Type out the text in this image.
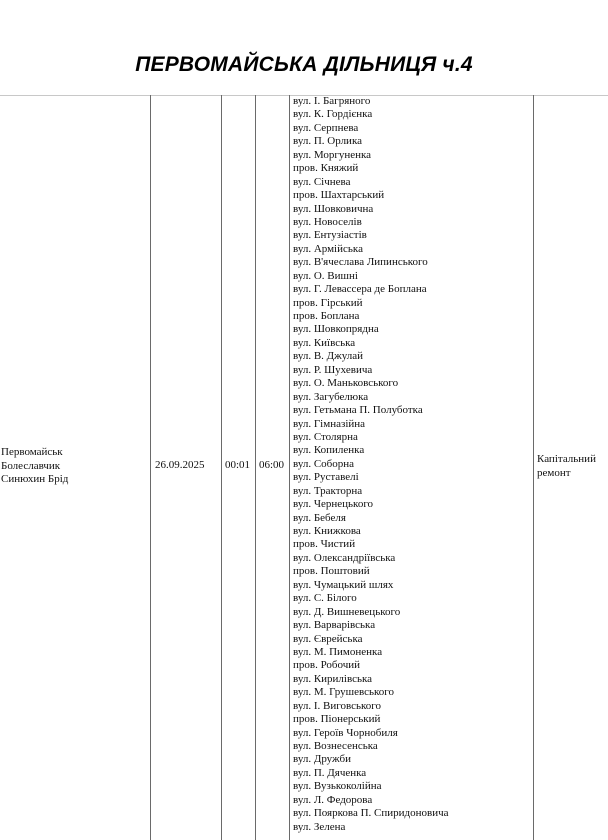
ПЕРВОМАЙСЬКА ДІЛЬНИЦЯ ч.4
Первомайськ
Болеславчик
Синюхин Брід
26.09.2025 00:01 06:00	Капітальний
ремонт
вул. І. Багряного
вул. К. Гордієнка
вул. Серпнева
вул. П. Орлика
вул. Моргуненка
пров. Княжий
вул. Січнева
пров. Шахтарський
вул. Шовковична
вул. Новоселів
вул. Ентузіастів
вул. Армійська
вул. В'ячеслава Липинського
вул. О. Вишні
вул. Г. Левассера де Боплана
пров. Гірський
пров. Боплана
вул. Шовкопрядна
вул. Київська
вул. В. Джулай
вул. Р. Шухевича
вул. О. Маньковського
вул. Загубелюка
вул. Гетьмана П. Полуботка
вул. Гімназійна
вул. Столярна
вул. Копиленка
вул. Соборна
вул. Руставелі
вул. Тракторна
вул. Чернецького
вул. Бебеля
вул. Книжкова
пров. Чистий
вул. Олександріївська
пров. Поштовий
вул. Чумацький шлях
вул. С. Білого
вул. Д. Вишневецького
вул. Варварівська
вул. Єврейська
вул. М. Пимоненка
пров. Робочий
вул. Кирилівська
вул. М. Грушевського
вул. І. Виговського
пров. Піонерський
вул. Героїв Чорнобиля
вул. Вознесенська
вул. Дружби
вул. П. Дяченка
вул. Вузькоколійна
вул. Л. Федорова
вул. Пояркова П. Спиридоновича
вул. Зелена
